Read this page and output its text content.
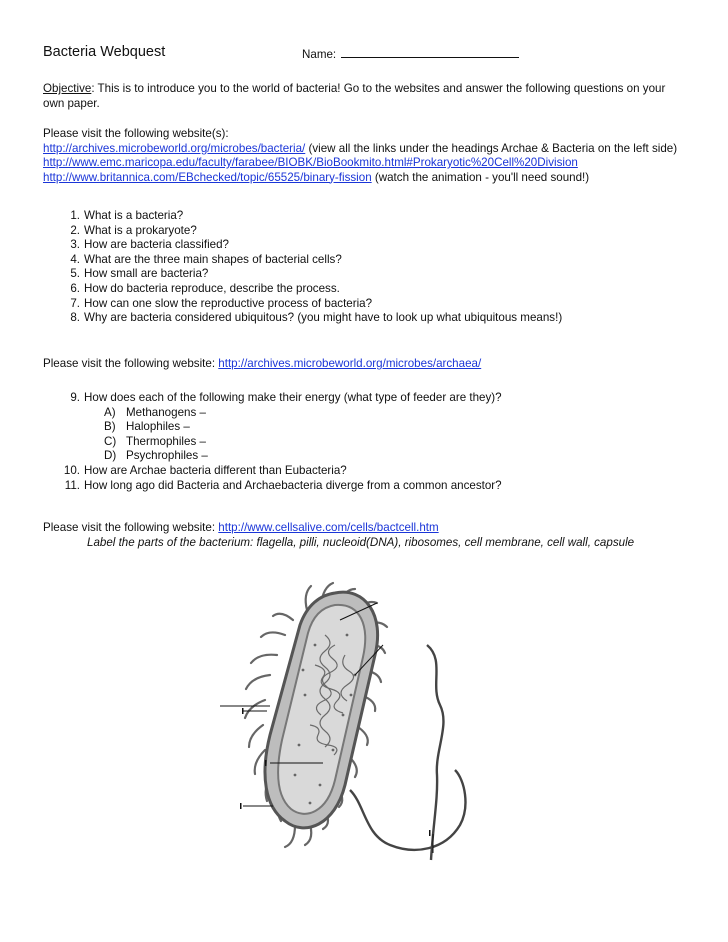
Bacteria Webquest	Name:
Objective: This is to introduce you to the world of bacteria! Go to the websites and answer the following questions on your own paper.
Please visit the following website(s):
http://archives.microbeworld.org/microbes/bacteria/ (view all the links under the headings Archae & Bacteria on the left side)
http://www.emc.maricopa.edu/faculty/farabee/BIOBK/BioBookmito.html#Prokaryotic%20Cell%20Division
http://www.britannica.com/EBchecked/topic/65525/binary-fission (watch the animation - you'll need sound!)
1. What is a bacteria?
2. What is a prokaryote?
3. How are bacteria classified?
4. What are the three main shapes of bacterial cells?
5. How small are bacteria?
6. How do bacteria reproduce, describe the process.
7. How can one slow the reproductive process of bacteria?
8. Why are bacteria considered ubiquitous? (you might have to look up what ubiquitous means!)
Please visit the following website: http://archives.microbeworld.org/microbes/archaea/
9. How does each of the following make their energy (what type of feeder are they)?
A) Methanogens –
B) Halophiles –
C) Thermophiles –
D) Psychrophiles –
10. How are Archae bacteria different than Eubacteria?
11. How long ago did Bacteria and Archaebacteria diverge from a common ancestor?
Please visit the following website: http://www.cellsalive.com/cells/bactcell.htm
Label the parts of the bacterium: flagella, pilli, nucleoid(DNA), ribosomes, cell membrane, cell wall, capsule
